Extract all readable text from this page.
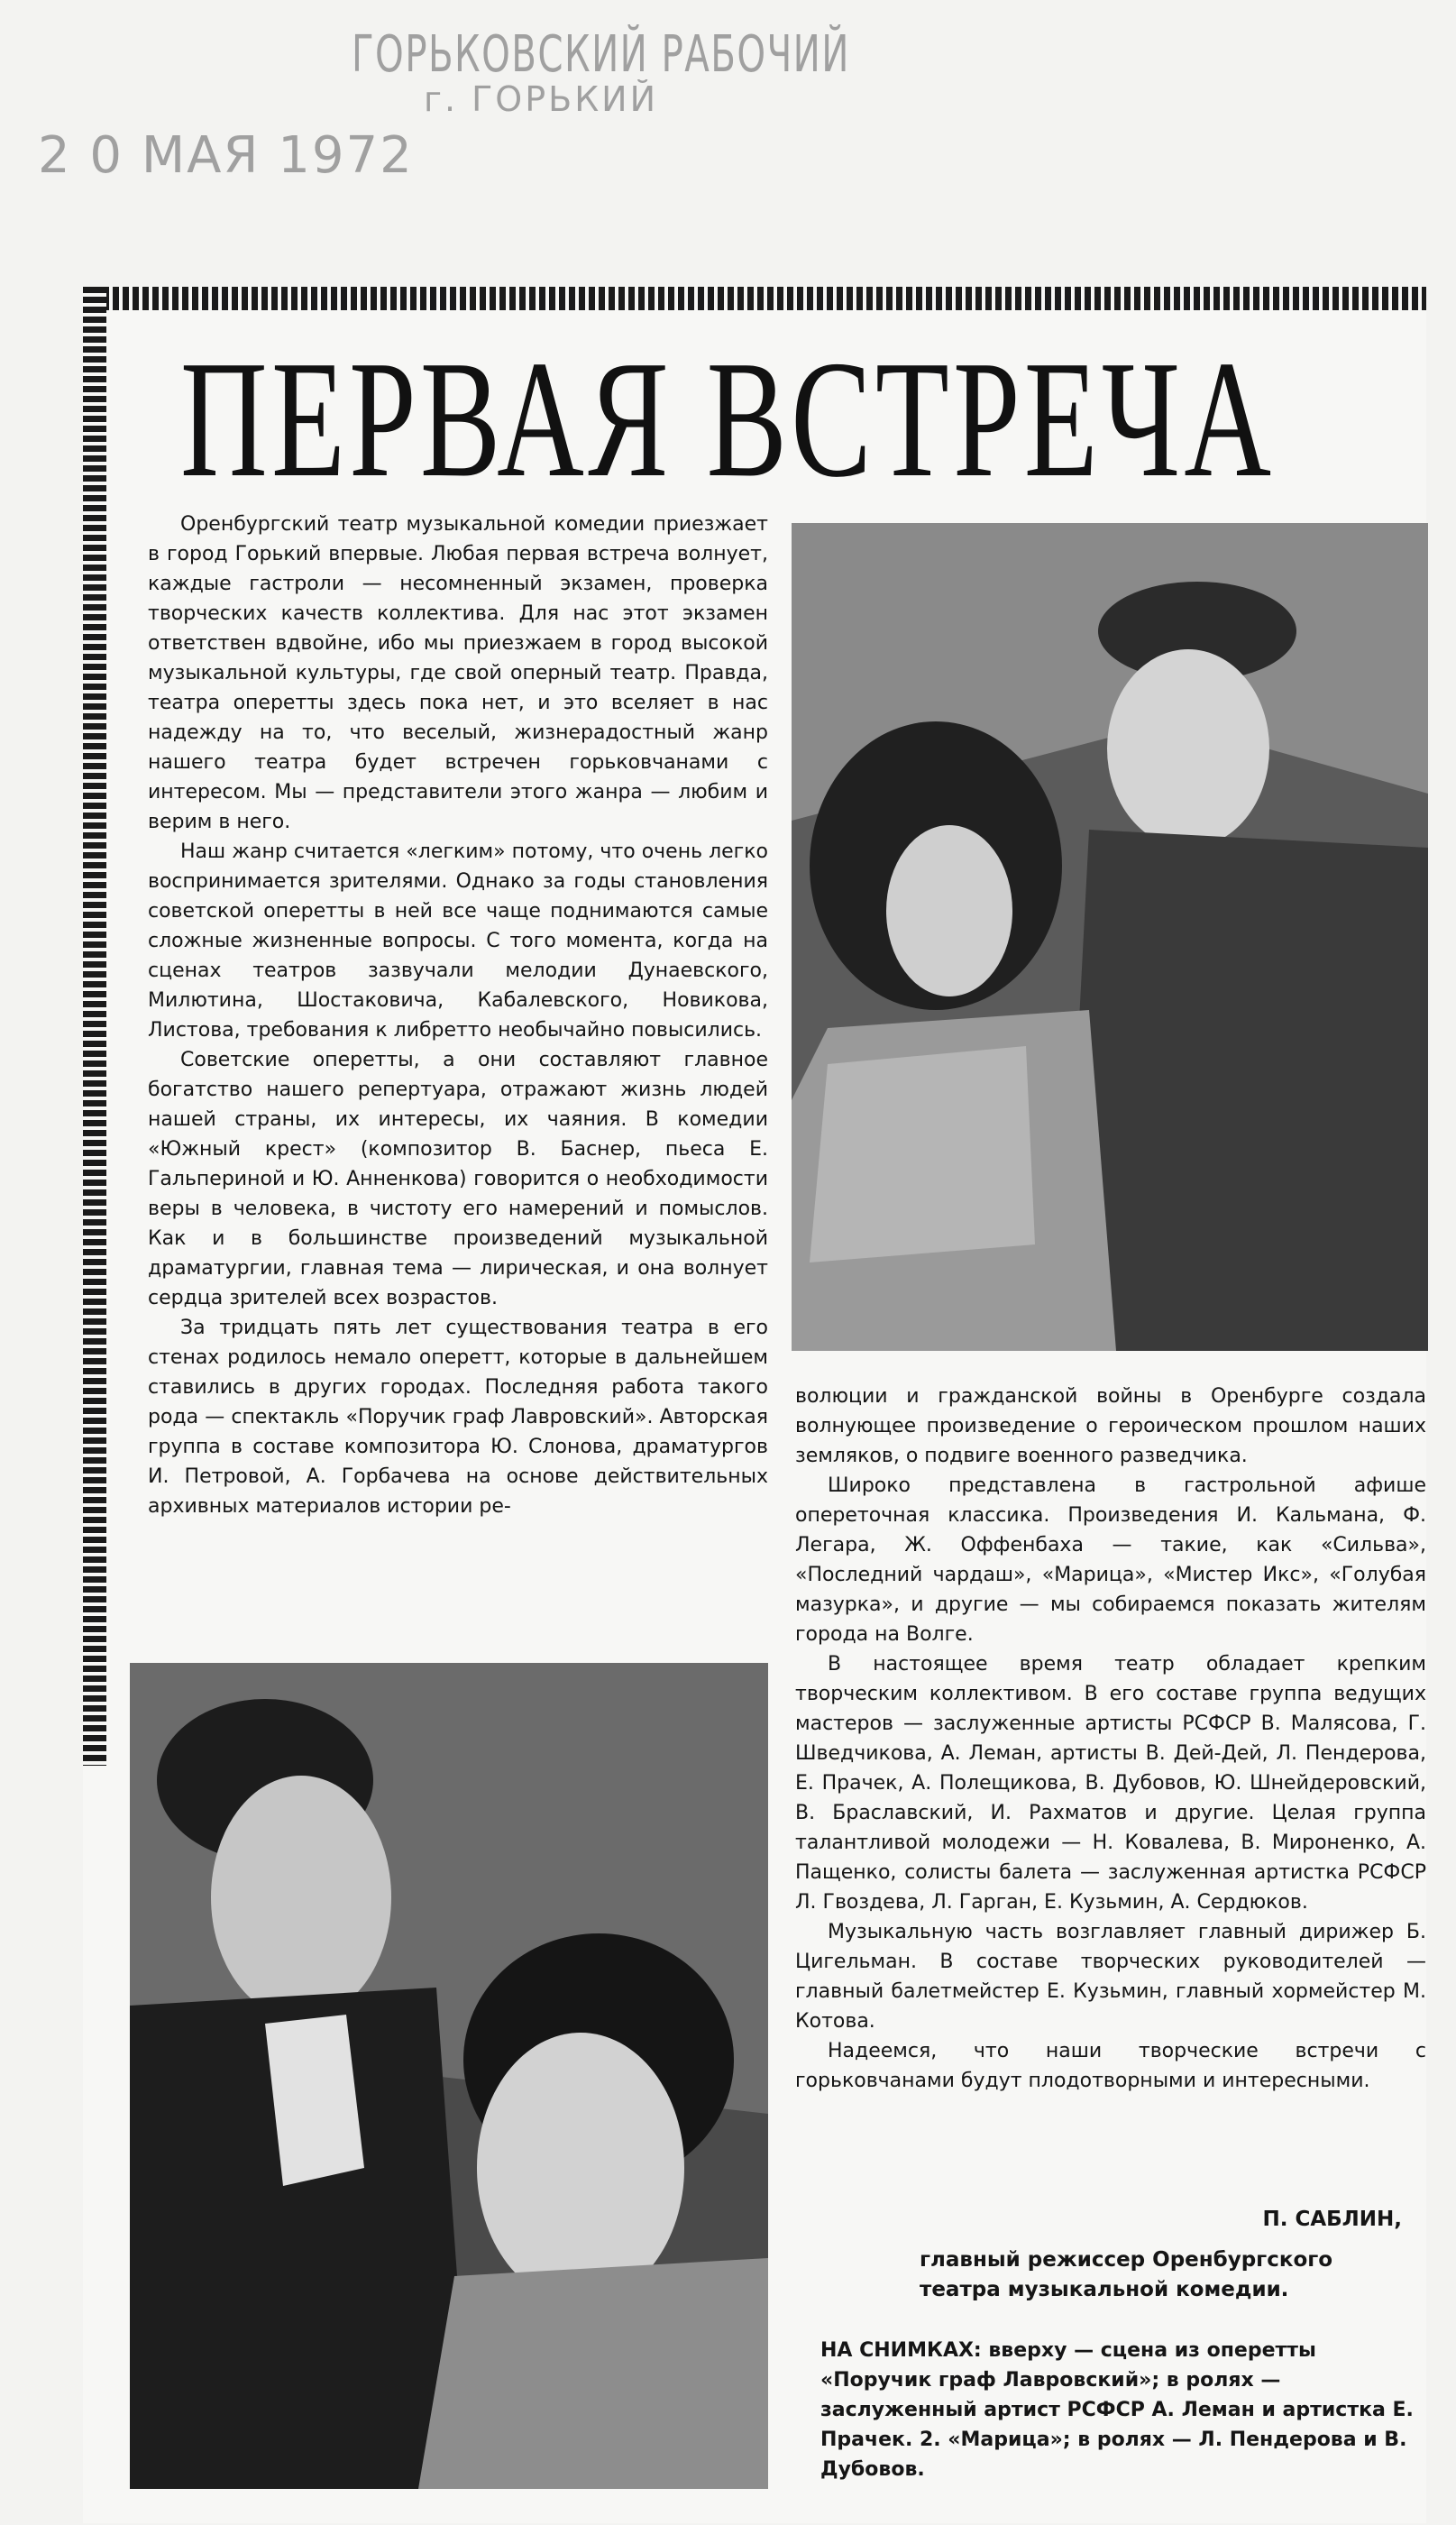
ГОРЬКОВСКИЙ РАБОЧИЙ
г. ГОРЬКИЙ
2 0 МАЯ 1972
ПЕРВАЯ ВСТРЕЧА

Оренбургский театр музыкальной комедии приезжает в город Горький впервые. Любая первая встреча волнует, каждые гастроли — несомненный экзамен, проверка творческих качеств коллектива. Для нас этот экзамен ответствен вдвойне, ибо мы приезжаем в город высокой музыкальной культуры, где свой оперный театр. Правда, театра оперетты здесь пока нет, и это вселяет в нас надежду на то, что веселый, жизнерадостный жанр нашего театра будет встречен горьковчанами с интересом. Мы — представители этого жанра — любим и верим в него.

Наш жанр считается «легким» потому, что очень легко воспринимается зрителями. Однако за годы становления советской оперетты в ней все чаще поднимаются самые сложные жизненные вопросы. С того момента, когда на сценах театров зазвучали мелодии Дунаевского, Милютина, Шостаковича, Кабалевского, Новикова, Листова, требования к либретто необычайно повысились.

Советские оперетты, а они составляют главное богатство нашего репертуара, отражают жизнь людей нашей страны, их интересы, их чаяния. В комедии «Южный крест» (композитор В. Баснер, пьеса Е. Гальпериной и Ю. Анненкова) говорится о необходимости веры в человека, в чистоту его намерений и помыслов. Как и в большинстве произведений музыкальной драматургии, главная тема — лирическая, и она волнует сердца зрителей всех возрастов.

За тридцать пять лет существования театра в его стенах родилось немало оперетт, которые в дальнейшем ставились в других городах. Последняя работа такого рода — спектакль «Поручик граф Лавровский». Авторская группа в составе композитора Ю. Слонова, драматургов И. Петровой, А. Горбачева на основе действительных архивных материалов истории ре-

волюции и гражданской войны в Оренбурге создала волнующее произведение о героическом прошлом наших земляков, о подвиге военного разведчика.

Широко представлена в гастрольной афише опереточная классика. Произведения И. Кальмана, Ф. Легара, Ж. Оффенбаха — такие, как «Сильва», «Последний чардаш», «Марица», «Мистер Икс», «Голубая мазурка», и другие — мы собираемся показать жителям города на Волге.

В настоящее время театр обладает крепким творческим коллективом. В его составе группа ведущих мастеров — заслуженные артисты РСФСР В. Малясова, Г. Шведчикова, А. Леман, артисты В. Дей-Дей, Л. Пендерова, Е. Прачек, А. Полещикова, В. Дубовов, Ю. Шнейдеровский, В. Браславский, И. Рахматов и другие. Целая группа талантливой молодежи — Н. Ковалева, В. Мироненко, А. Пащенко, солисты балета — заслуженная артистка РСФСР Л. Гвоздева, Л. Гарган, Е. Кузьмин, А. Сердюков.

Музыкальную часть возглавляет главный дирижер Б. Цигельман. В составе творческих руководителей — главный балетмейстер Е. Кузьмин, главный хормейстер М. Котова.

Надеемся, что наши творческие встречи с горьковчанами будут плодотворными и интересными.

П. САБЛИН,
главный режиссер Оренбургского театра музыкальной комедии.
НА СНИМКАХ: вверху — сцена из оперетты «Поручик граф Лавровский»; в ролях — заслуженный артист РСФСР А. Леман и артистка Е. Прачек. 2. «Марица»; в ролях — Л. Пендерова и В. Дубовов.
